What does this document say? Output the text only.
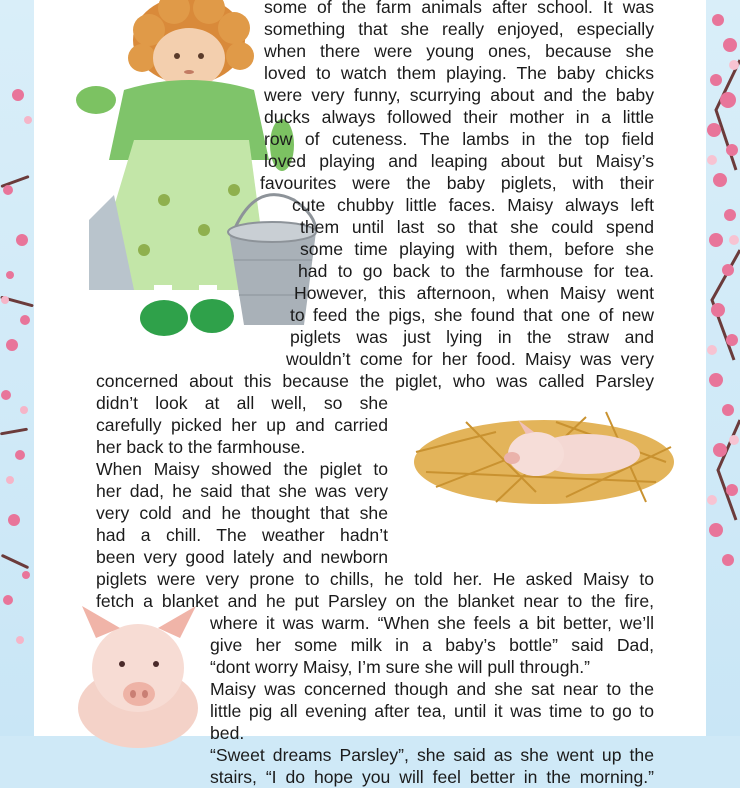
some of the farm animals after school. It was
something that she really enjoyed, especially
when there were young ones, because she
loved to watch them playing. The baby chicks
were very funny, scurrying about and the baby
ducks always followed their mother in a little
row of cuteness. The lambs in the top field
loved playing and leaping about but Maisy’s
favourites were the baby piglets, with their
cute chubby little faces. Maisy always left
them until last so that she could spend
some time playing with them, before she
had to go back to the farmhouse for tea.
However, this afternoon, when Maisy went
to feed the pigs, she found that one of new
piglets was just lying in the straw and
wouldn’t come for her food. Maisy was very
concerned about this because the piglet, who was called Parsley
didn’t look at all well, so she
carefully picked her up and carried
her back to the farmhouse.
When Maisy showed the piglet to
her dad, he said that she was very
very cold and he thought that she
had a chill. The weather hadn’t
been very good lately and newborn
piglets were very prone to chills, he told her. He asked Maisy to
fetch a blanket and he put Parsley on the blanket near to the fire,
where it was warm. “When she feels a bit better, we’ll
give her some milk in a baby’s bottle” said Dad,
“dont worry Maisy, I’m sure she will pull through.”
Maisy was concerned though and she sat near to the
little pig all evening after tea, until it was time to go to
bed.
“Sweet dreams Parsley”, she said as she went up the
stairs, “I do hope you will feel better in the morning.”
